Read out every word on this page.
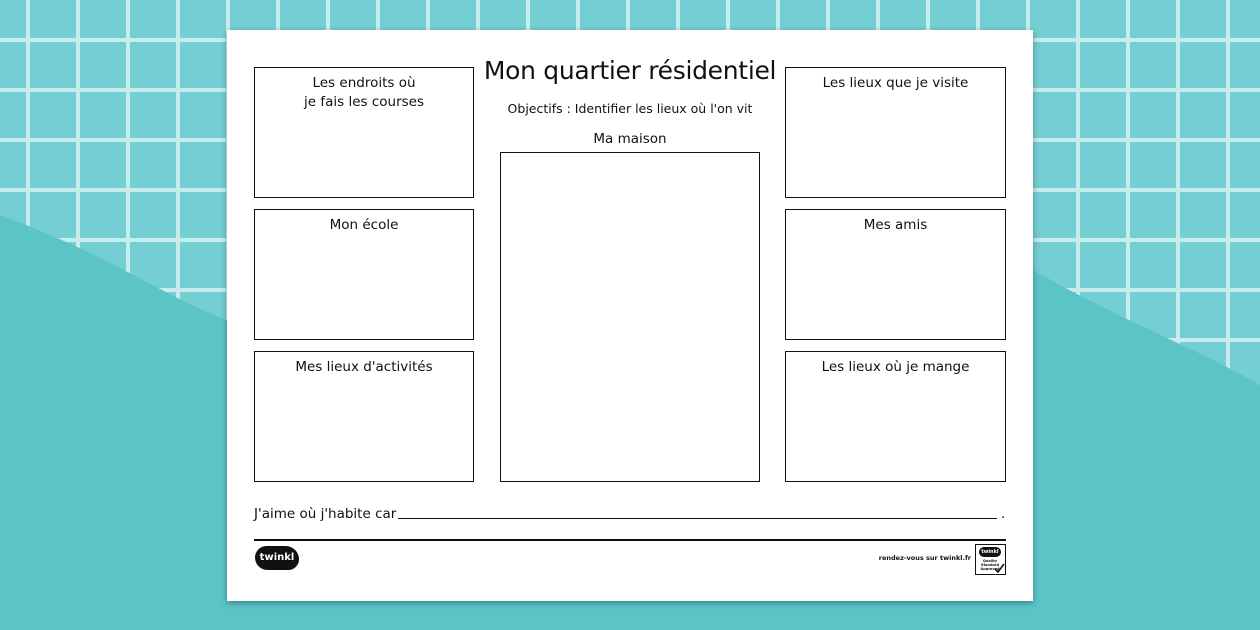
Mon quartier résidentiel
Objectifs : Identifier les lieux où l'on vit
Ma maison
Les endroits où
je fais les courses
Mon école
Mes lieux d'activités
Les lieux que je visite
Mes amis
Les lieux où je mange
J'aime où j'habite car	.
twinkl	rendez-vous sur twinkl.fr
twinkl
Quality Standard Approved
